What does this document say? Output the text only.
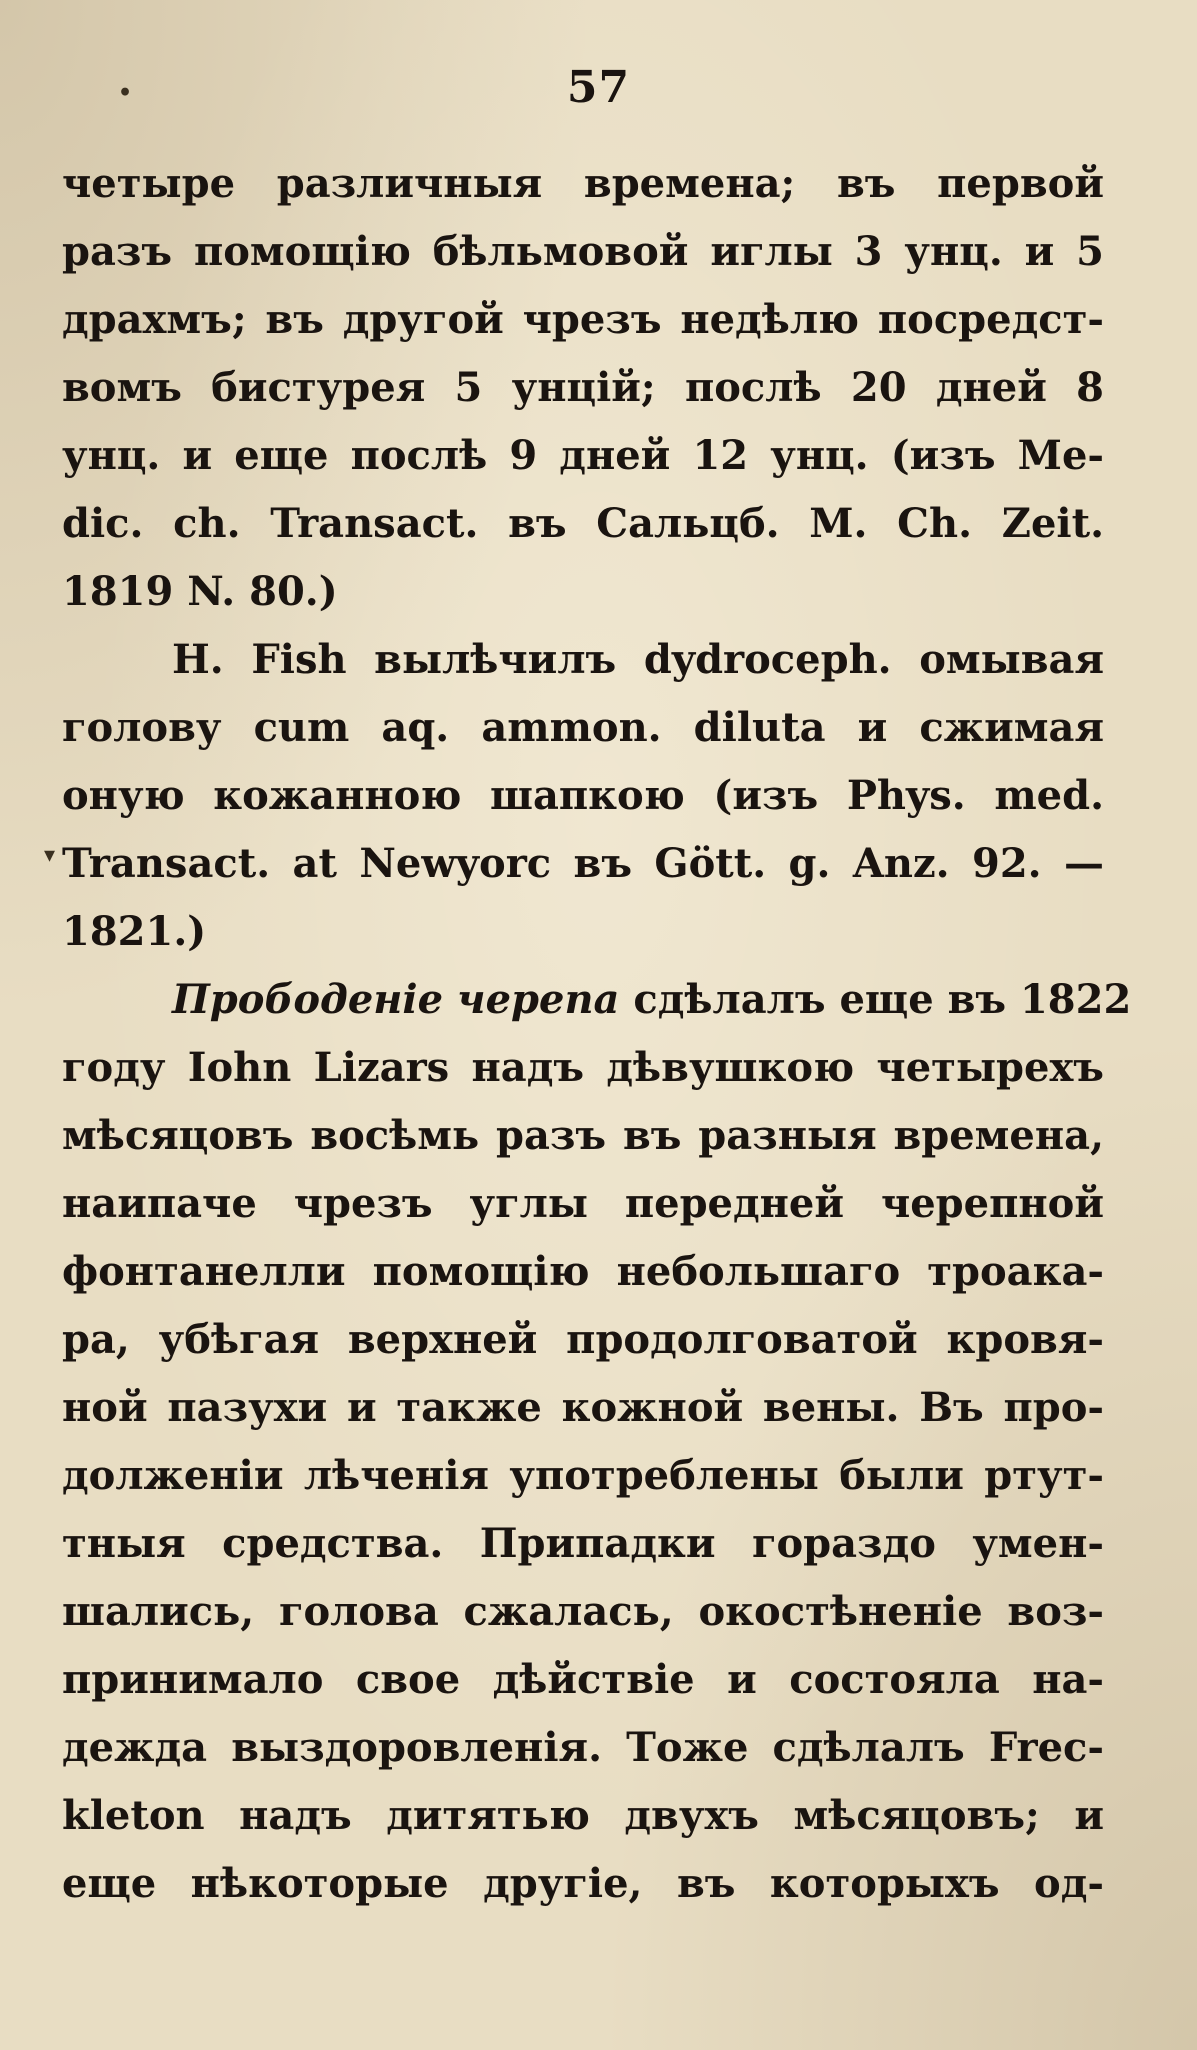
57
четыре различныя времена; въ первой
разъ помощію бѣльмовой иглы 3 унц. и 5
драхмъ; въ другой чрезъ недѣлю посредст-
вомъ бистурея 5 унцій; послѣ 20 дней 8
унц. и еще послѣ 9 дней 12 унц. (изъ Me-
dic. ch. Transact. въ Сальцб. M. Ch. Zeit.
1819 N. 80.)
H. Fish вылѣчилъ dydroceph. омывая
голову cum aq. ammon. diluta и сжимая
оную кожанною шапкою (изъ Phys. med.
Transact. at Newyorc въ Gött. g. Anz. 92. —
1821.)
Прободеніе черепа сдѣлалъ еще въ 1822
году Iohn Lizars надъ дѣвушкою четырехъ
мѣсяцовъ восѣмь разъ въ разныя времена,
наипаче чрезъ углы передней черепной
фонтанелли помощію небольшаго троака-
ра, убѣгая верхней продолговатой кровя-
ной пазухи и также кожной вены. Въ про-
долженіи лѣченія употреблены были ртут-
тныя средства. Припадки гораздо умен-
шались, голова сжалась, окостѣненіе воз-
принимало свое дѣйствіе и состояла на-
дежда выздоровленія. Тоже сдѣлалъ Frec-
kleton надъ дитятью двухъ мѣсяцовъ; и
еще нѣкоторые другіе, въ которыхъ од-
•
▾
